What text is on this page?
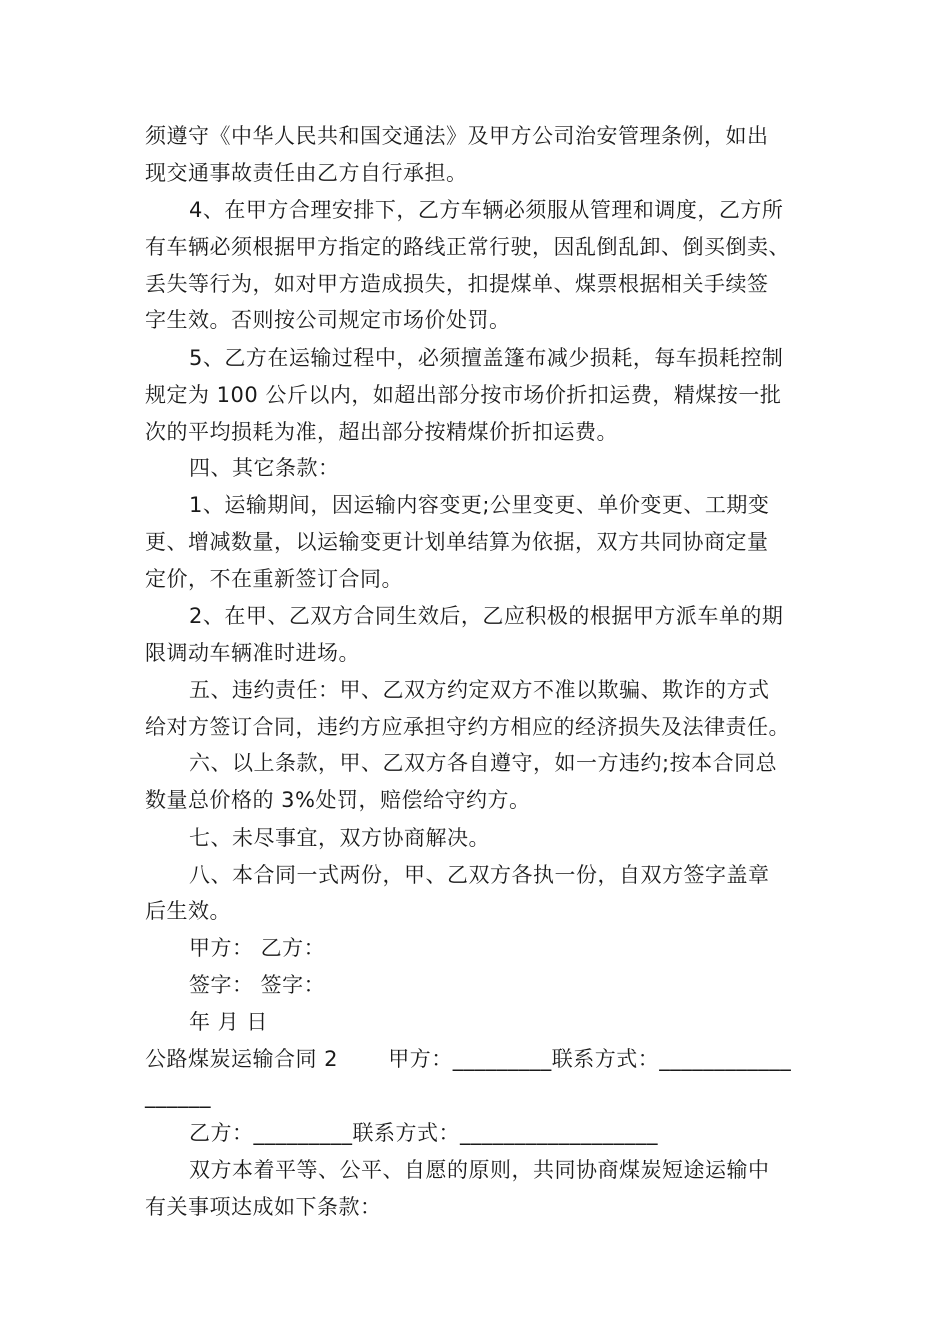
须遵守《中华人民共和国交通法》及甲方公司治安管理条例，如出
现交通事故责任由乙方自行承担。
4、在甲方合理安排下，乙方车辆必须服从管理和调度，乙方所
有车辆必须根据甲方指定的路线正常行驶，因乱倒乱卸、倒买倒卖、
丢失等行为，如对甲方造成损失，扣提煤单、煤票根据相关手续签
字生效。否则按公司规定市场价处罚。
5、乙方在运输过程中，必须擅盖篷布减少损耗，每车损耗控制
规定为 100 公斤以内，如超出部分按市场价折扣运费，精煤按一批
次的平均损耗为准，超出部分按精煤价折扣运费。
四、其它条款：
1、运输期间，因运输内容变更;公里变更、单价变更、工期变
更、增减数量，以运输变更计划单结算为依据，双方共同协商定量
定价，不在重新签订合同。
2、在甲、乙双方合同生效后，乙应积极的根据甲方派车单的期
限调动车辆准时进场。
五、违约责任：甲、乙双方约定双方不准以欺骗、欺诈的方式
给对方签订合同，违约方应承担守约方相应的经济损失及法律责任。
六、以上条款，甲、乙双方各自遵守，如一方违约;按本合同总
数量总价格的 3%处罚，赔偿给守约方。
七、未尽事宜，双方协商解决。
八、本合同一式两份，甲、乙双方各执一份，自双方签字盖章
后生效。
甲方： 乙方：
签字： 签字：
年 月 日
公路煤炭运输合同 2　　 甲方：_________联系方式：____________
______
乙方：_________联系方式：__________________
双方本着平等、公平、自愿的原则，共同协商煤炭短途运输中
有关事项达成如下条款：
